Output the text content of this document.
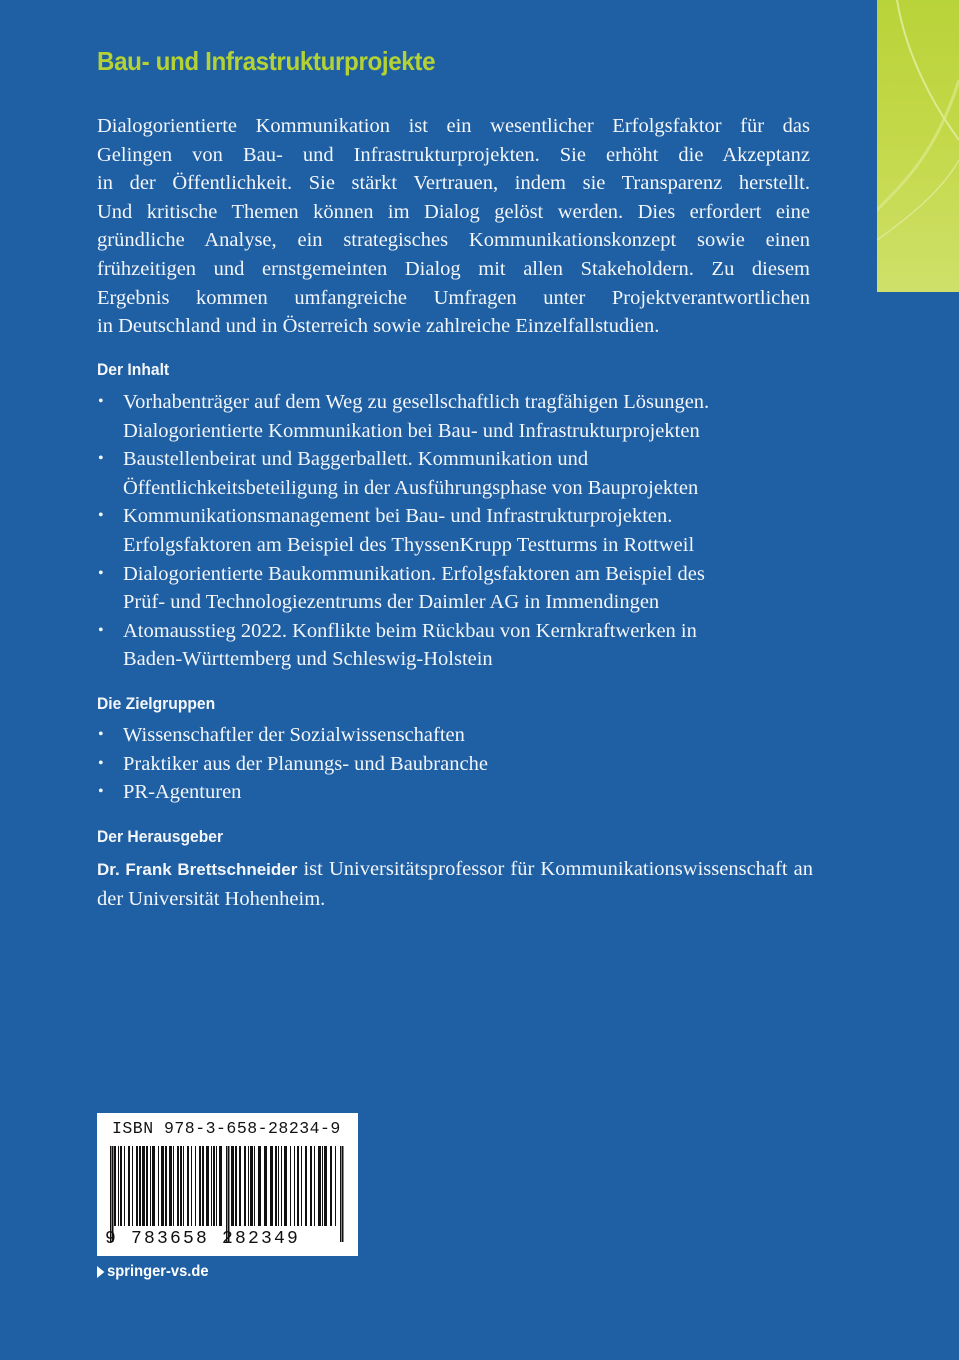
Bau- und Infrastrukturprojekte

Dialogorientierte Kommunikation ist ein wesentlicher Erfolgsfaktor für das
Gelingen von Bau- und Infrastrukturprojekten. Sie erhöht die Akzeptanz
in der Öffentlichkeit. Sie stärkt Vertrauen, indem sie Transparenz herstellt.
Und kritische Themen können im Dialog gelöst werden. Dies erfordert eine
gründliche Analyse, ein strategisches Kommunikationskonzept sowie einen
frühzeitigen und ernstgemeinten Dialog mit allen Stakeholdern. Zu diesem
Ergebnis kommen umfangreiche Umfragen unter Projektverantwortlichen
in Deutschland und in Österreich sowie zahlreiche Einzelfallstudien.

Der Inhalt
• Vorhabenträger auf dem Weg zu gesellschaftlich tragfähigen Lösungen.
Dialogorientierte Kommunikation bei Bau- und Infrastrukturprojekten
• Baustellenbeirat und Baggerballett. Kommunikation und
Öffentlichkeitsbeteiligung in der Ausführungsphase von Bauprojekten
• Kommunikationsmanagement bei Bau- und Infrastrukturprojekten.
Erfolgsfaktoren am Beispiel des ThyssenKrupp Testturms in Rottweil
• Dialogorientierte Baukommunikation. Erfolgsfaktoren am Beispiel des
Prüf- und Technologiezentrums der Daimler AG in Immendingen
• Atomausstieg 2022. Konflikte beim Rückbau von Kernkraftwerken in
Baden-Württemberg und Schleswig-Holstein
Die Zielgruppen
• Wissenschaftler der Sozialwissenschaften
• Praktiker aus der Planungs- und Baubranche
• PR-Agenturen
Der Herausgeber

Dr. Frank Brettschneider ist Universitätsprofessor für Kommunikationswissenschaft an der Universität Hohenheim.

ISBN 978-3-658-28234-9
9 783658 282349
springer-vs.de
